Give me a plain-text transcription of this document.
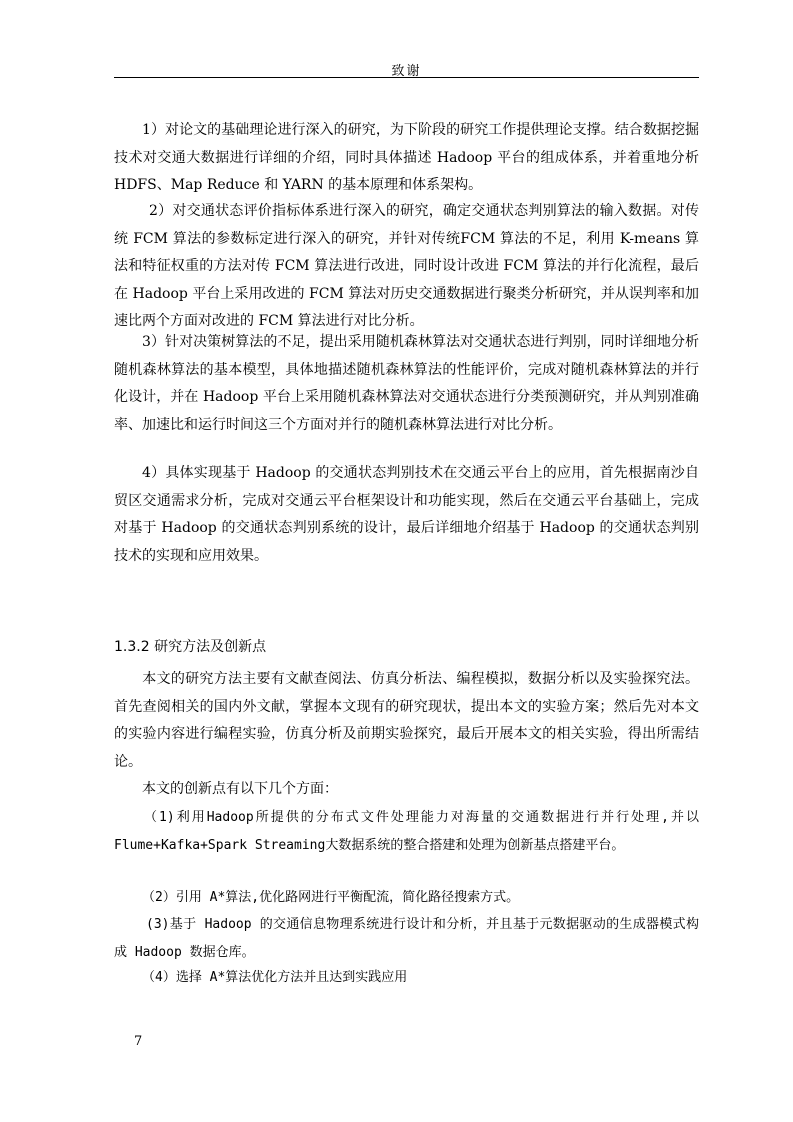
致谢

1）对论文的基础理论进行深入的研究，为下阶段的研究工作提供理论支撑。结合数据挖掘技术对交通大数据进行详细的介绍，同时具体描述 Hadoop 平台的组成体系，并着重地分析 HDFS、Map Reduce 和 YARN 的基本原理和体系架构。

2）对交通状态评价指标体系进行深入的研究，确定交通状态判别算法的输入数据。对传统 FCM 算法的参数标定进行深入的研究，并针对传统FCM 算法的不足，利用 K-means 算法和特征权重的方法对传 FCM 算法进行改进，同时设计改进 FCM 算法的并行化流程，最后在 Hadoop 平台上采用改进的 FCM 算法对历史交通数据进行聚类分析研究，并从误判率和加速比两个方面对改进的 FCM 算法进行对比分析。

3）针对决策树算法的不足，提出采用随机森林算法对交通状态进行判别，同时详细地分析随机森林算法的基本模型，具体地描述随机森林算法的性能评价，完成对随机森林算法的并行化设计，并在 Hadoop 平台上采用随机森林算法对交通状态进行分类预测研究，并从判别准确率、加速比和运行时间这三个方面对并行的随机森林算法进行对比分析。

4）具体实现基于 Hadoop 的交通状态判别技术在交通云平台上的应用，首先根据南沙自贸区交通需求分析，完成对交通云平台框架设计和功能实现，然后在交通云平台基础上，完成对基于 Hadoop 的交通状态判别系统的设计，最后详细地介绍基于 Hadoop 的交通状态判别技术的实现和应用效果。

1.3.2 研究方法及创新点

本文的研究方法主要有文献查阅法、仿真分析法、编程模拟，数据分析以及实验探究法。首先查阅相关的国内外文献，掌握本文现有的研究现状，提出本文的实验方案；然后先对本文的实验内容进行编程实验，仿真分析及前期实验探究，最后开展本文的相关实验，得出所需结论。

本文的创新点有以下几个方面：

（1)利用Hadoop所提供的分布式文件处理能力对海量的交通数据进行并行处理,并以Flume+Kafka+Spark Streaming大数据系统的整合搭建和处理为创新基点搭建平台。

（2）引用 A*算法,优化路网进行平衡配流，简化路径搜索方式。

(3)基于 Hadoop 的交通信息物理系统进行设计和分析，并且基于元数据驱动的生成器模式构成 Hadoop 数据仓库。

（4）选择 A*算法优化方法并且达到实践应用

7
